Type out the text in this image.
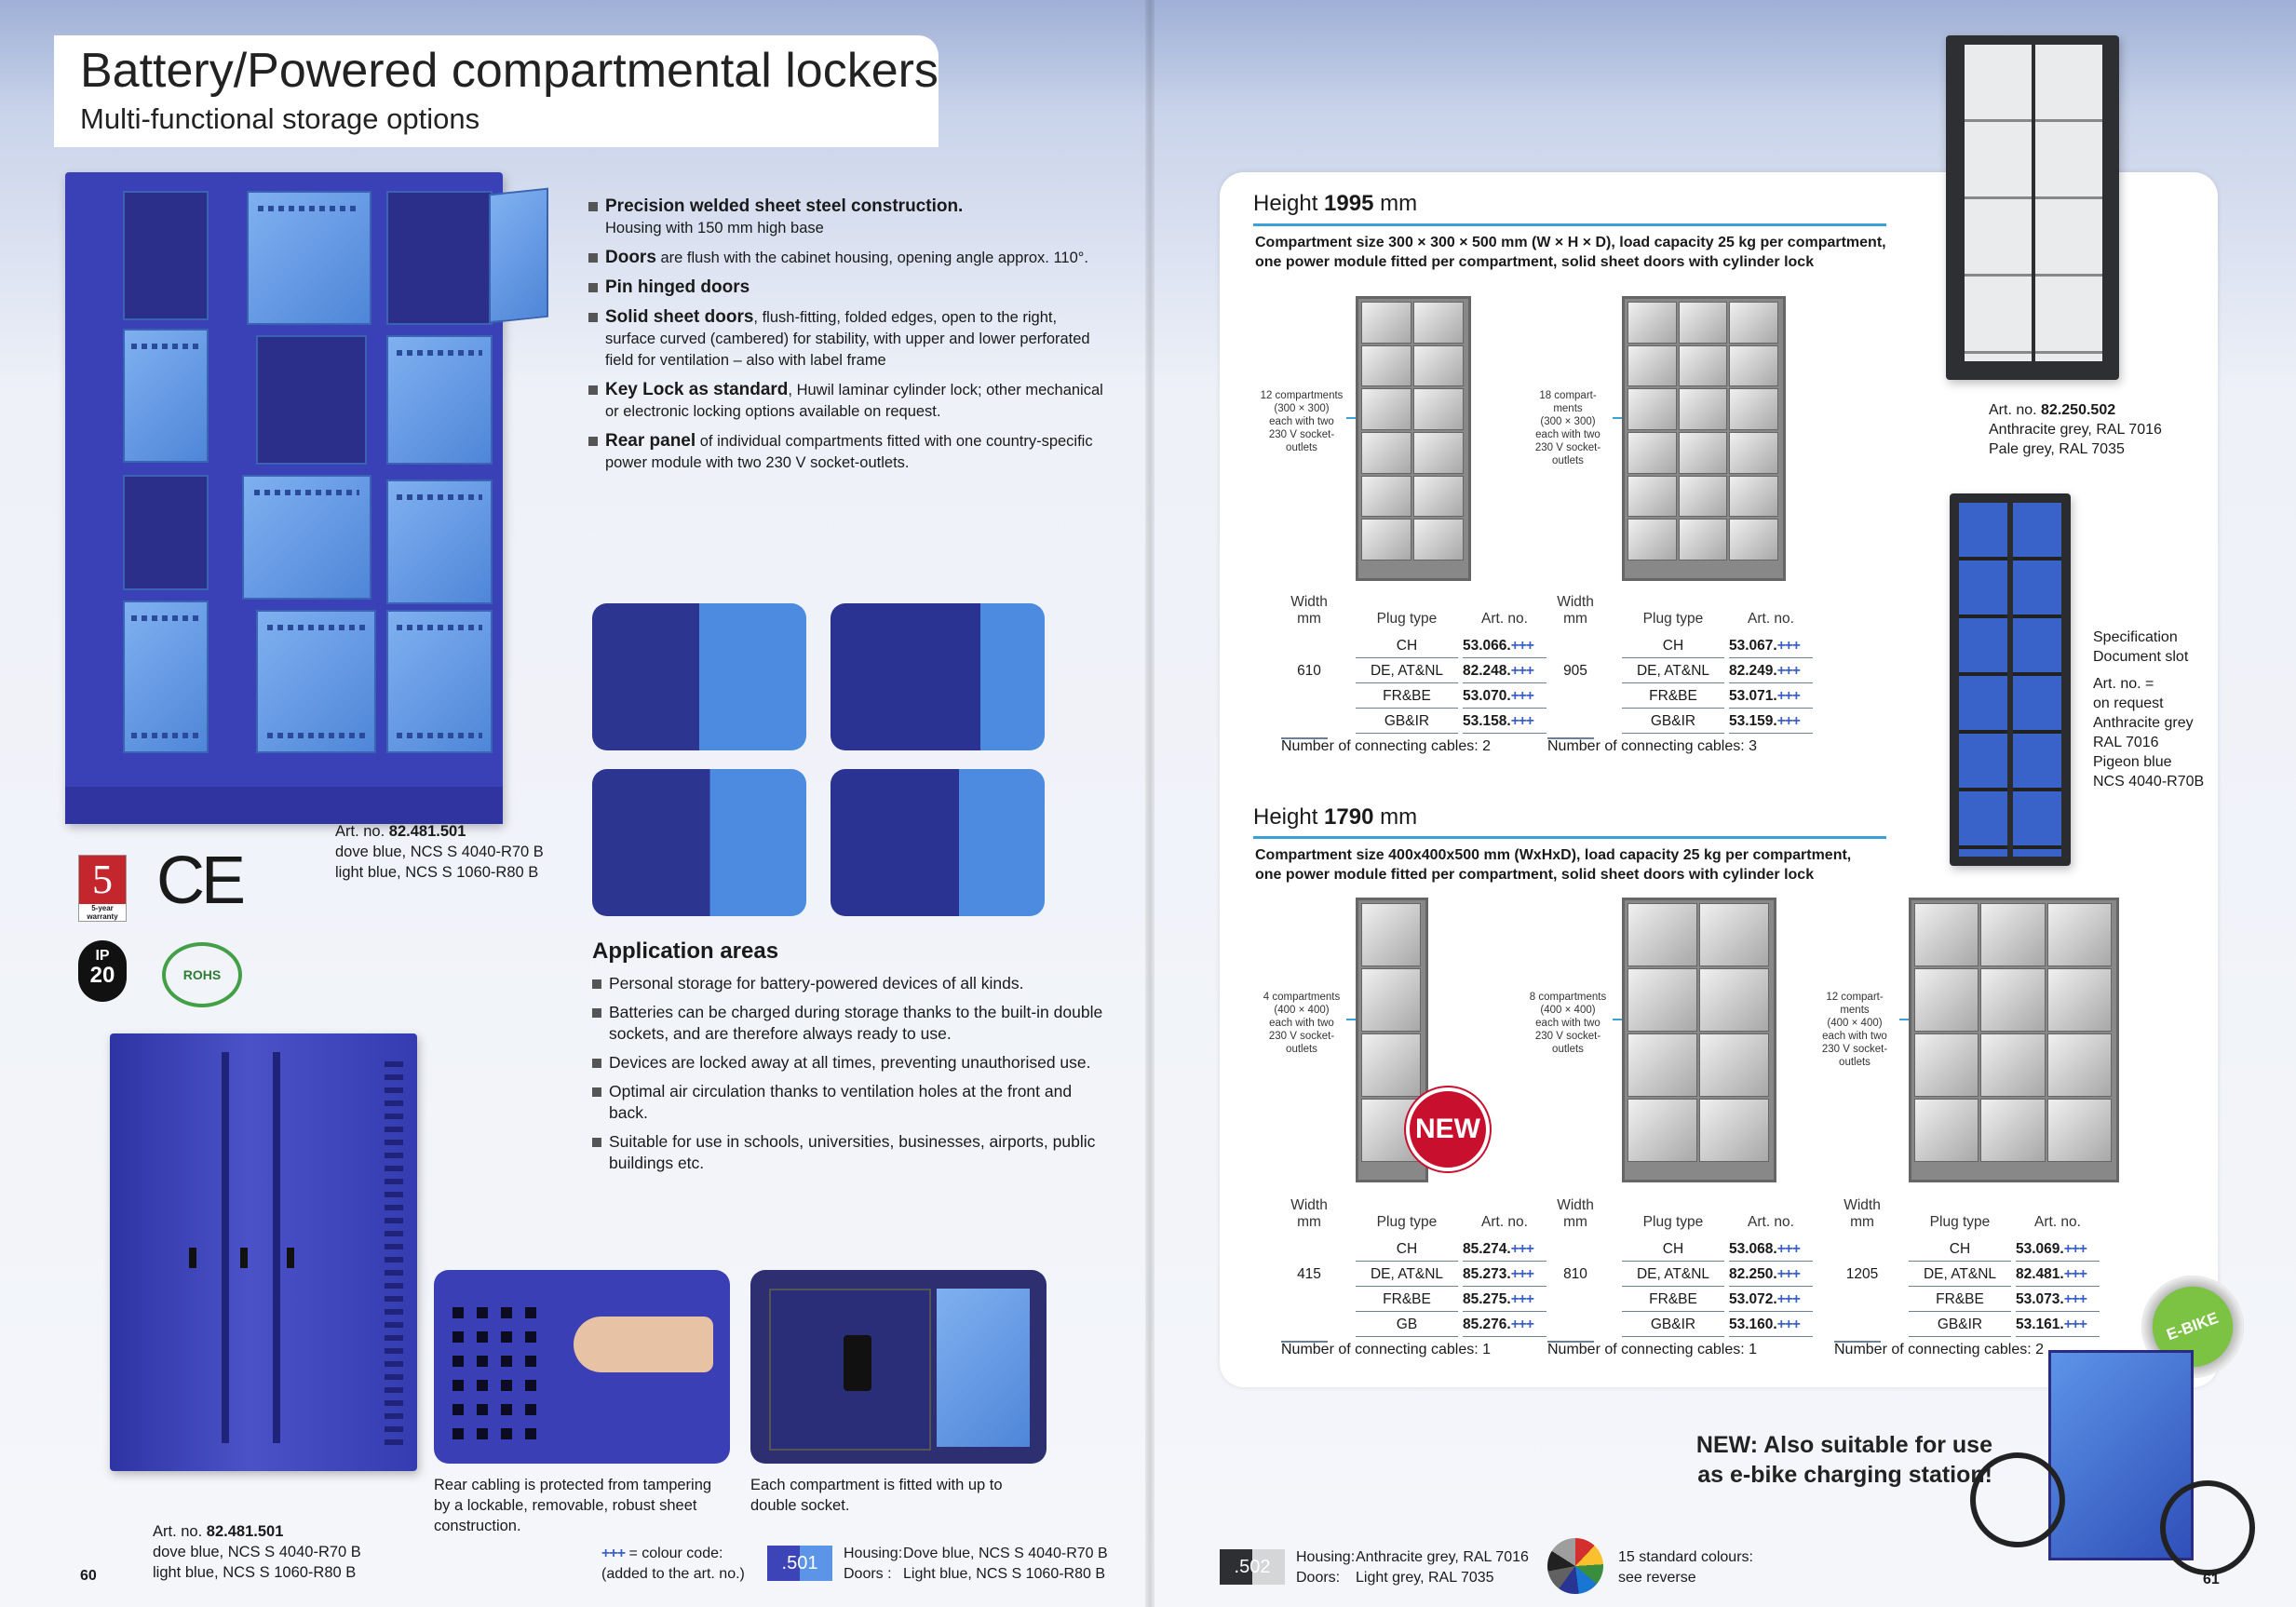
Battery/Powered compartmental lockers
Multi-functional storage options
Art. no. 82.481.501
dove blue, NCS S 4040-R70 B
light blue, NCS S 1060-R80 B
5
5-year warranty CE
IP
20	ROHS
Art. no. 82.481.501
dove blue, NCS S 4040-R70 B
light blue, NCS S 1060-R80 B
Precision welded sheet steel construction.
Housing with 150 mm high base
Doors are flush with the cabinet housing, opening angle approx. 110°.
Pin hinged doors
Solid sheet doors, flush-fitting, folded edges, open to the right, surface curved (cambered) for stability, with upper and lower perforated field for ventilation – also with label frame
Key Lock as standard, Huwil laminar cylinder lock; other mechanical or electronic locking options available on request.
Rear panel of individual compartments fitted with one country-specific power module with two 230 V socket-outlets.
Application areas
Personal storage for battery-powered devices of all kinds.
Batteries can be charged during storage thanks to the built-in double sockets, and are therefore always ready to use.
Devices are locked away at all times, preventing unauthorised use.
Optimal air circulation thanks to ventilation holes at the front and back.
Suitable for use in schools, universities, businesses, airports, public buildings etc.
Rear cabling is protected from tampering by a lockable, removable, robust sheet construction.
Each compartment is fitted with up to double socket.
+++ = colour code:
(added to the art. no.)
.501	Housing:Dove blue, NCS S 4040-R70 B
Doors : Light blue, NCS S 1060-R80 B
60
Height 1995 mm
Compartment size 300 × 300 × 500 mm (W × H × D), load capacity 25 kg per compartment,
one power module fitted per compartment, solid sheet doors with cylinder lock
Height 1790 mm
Compartment size 400x400x500 mm (WxHxD), load capacity 25 kg per compartment,
one power module fitted per compartment, solid sheet doors with cylinder lock
12 compartments
(300 × 300)
each with two
230 V socket-
outlets
Width
mm	Plug type	Art. no.
610
CH	53.066.+++
DE, AT&NL	82.248.+++
FR&BE	53.070.+++
GB&IR	53.158.+++
Number of connecting cables: 2
18 compart-
ments
(300 × 300)
each with two
230 V socket-
outlets
Width
mm	Plug type	Art. no.
905
CH	53.067.+++
DE, AT&NL	82.249.+++
FR&BE	53.071.+++
GB&IR	53.159.+++
Number of connecting cables: 3
4 compartments
(400 × 400)
each with two
230 V socket-
outlets
Width
mm	Plug type	Art. no.
415
CH	85.274.+++
DE, AT&NL	85.273.+++
FR&BE	85.275.+++
GB	85.276.+++
Number of connecting cables: 1
8 compartments
(400 × 400)
each with two
230 V socket-
outlets
Width
mm	Plug type	Art. no.
810
CH	53.068.+++
DE, AT&NL	82.250.+++
FR&BE	53.072.+++
GB&IR	53.160.+++
Number of connecting cables: 1
12 compart-
ments
(400 × 400)
each with two
230 V socket-
outlets
Width
mm	Plug type	Art. no.
1205
CH	53.069.+++
DE, AT&NL	82.481.+++
FR&BE	53.073.+++
GB&IR	53.161.+++
Number of connecting cables: 2
NEW
Art. no. 82.250.502
Anthracite grey, RAL 7016
Pale grey, RAL 7035
Specification
Document slot
Art. no. =
on request
Anthracite grey
RAL 7016
Pigeon blue
NCS 4040-R70B
E-BIKE
NEW: Also suitable for use
as e-bike charging station!
.502	Housing:Anthracite grey, RAL 7016
Doors: Light grey, RAL 7035
15 standard colours:
see reverse	61
